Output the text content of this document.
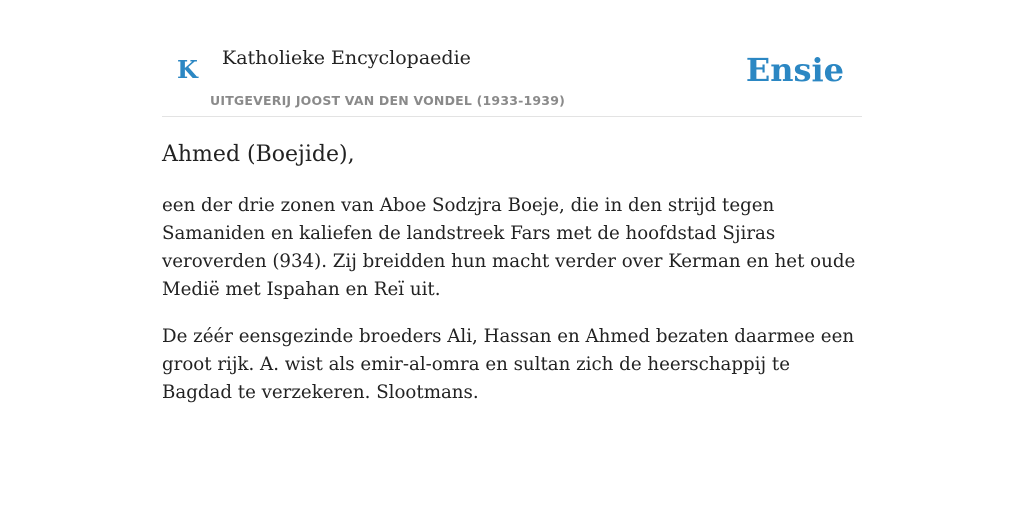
K Katholieke Encyclopaedie
UITGEVERIJ JOOST VAN DEN VONDEL (1933-1939)
Ensie
Ahmed (Boejide),

een der drie zonen van Aboe Sodzjra Boeje, die in den strijd tegen Samaniden en kaliefen de landstreek Fars met de hoofdstad Sjiras veroverden (934). Zij breidden hun macht verder over Kerman en het oude Medië met Ispahan en Reï uit.

De zéér eensgezinde broeders Ali, Hassan en Ahmed bezaten daarmee een groot rijk. A. wist als emir-al-omra en sultan zich de heerschappij te Bagdad te verzekeren. Slootmans.
